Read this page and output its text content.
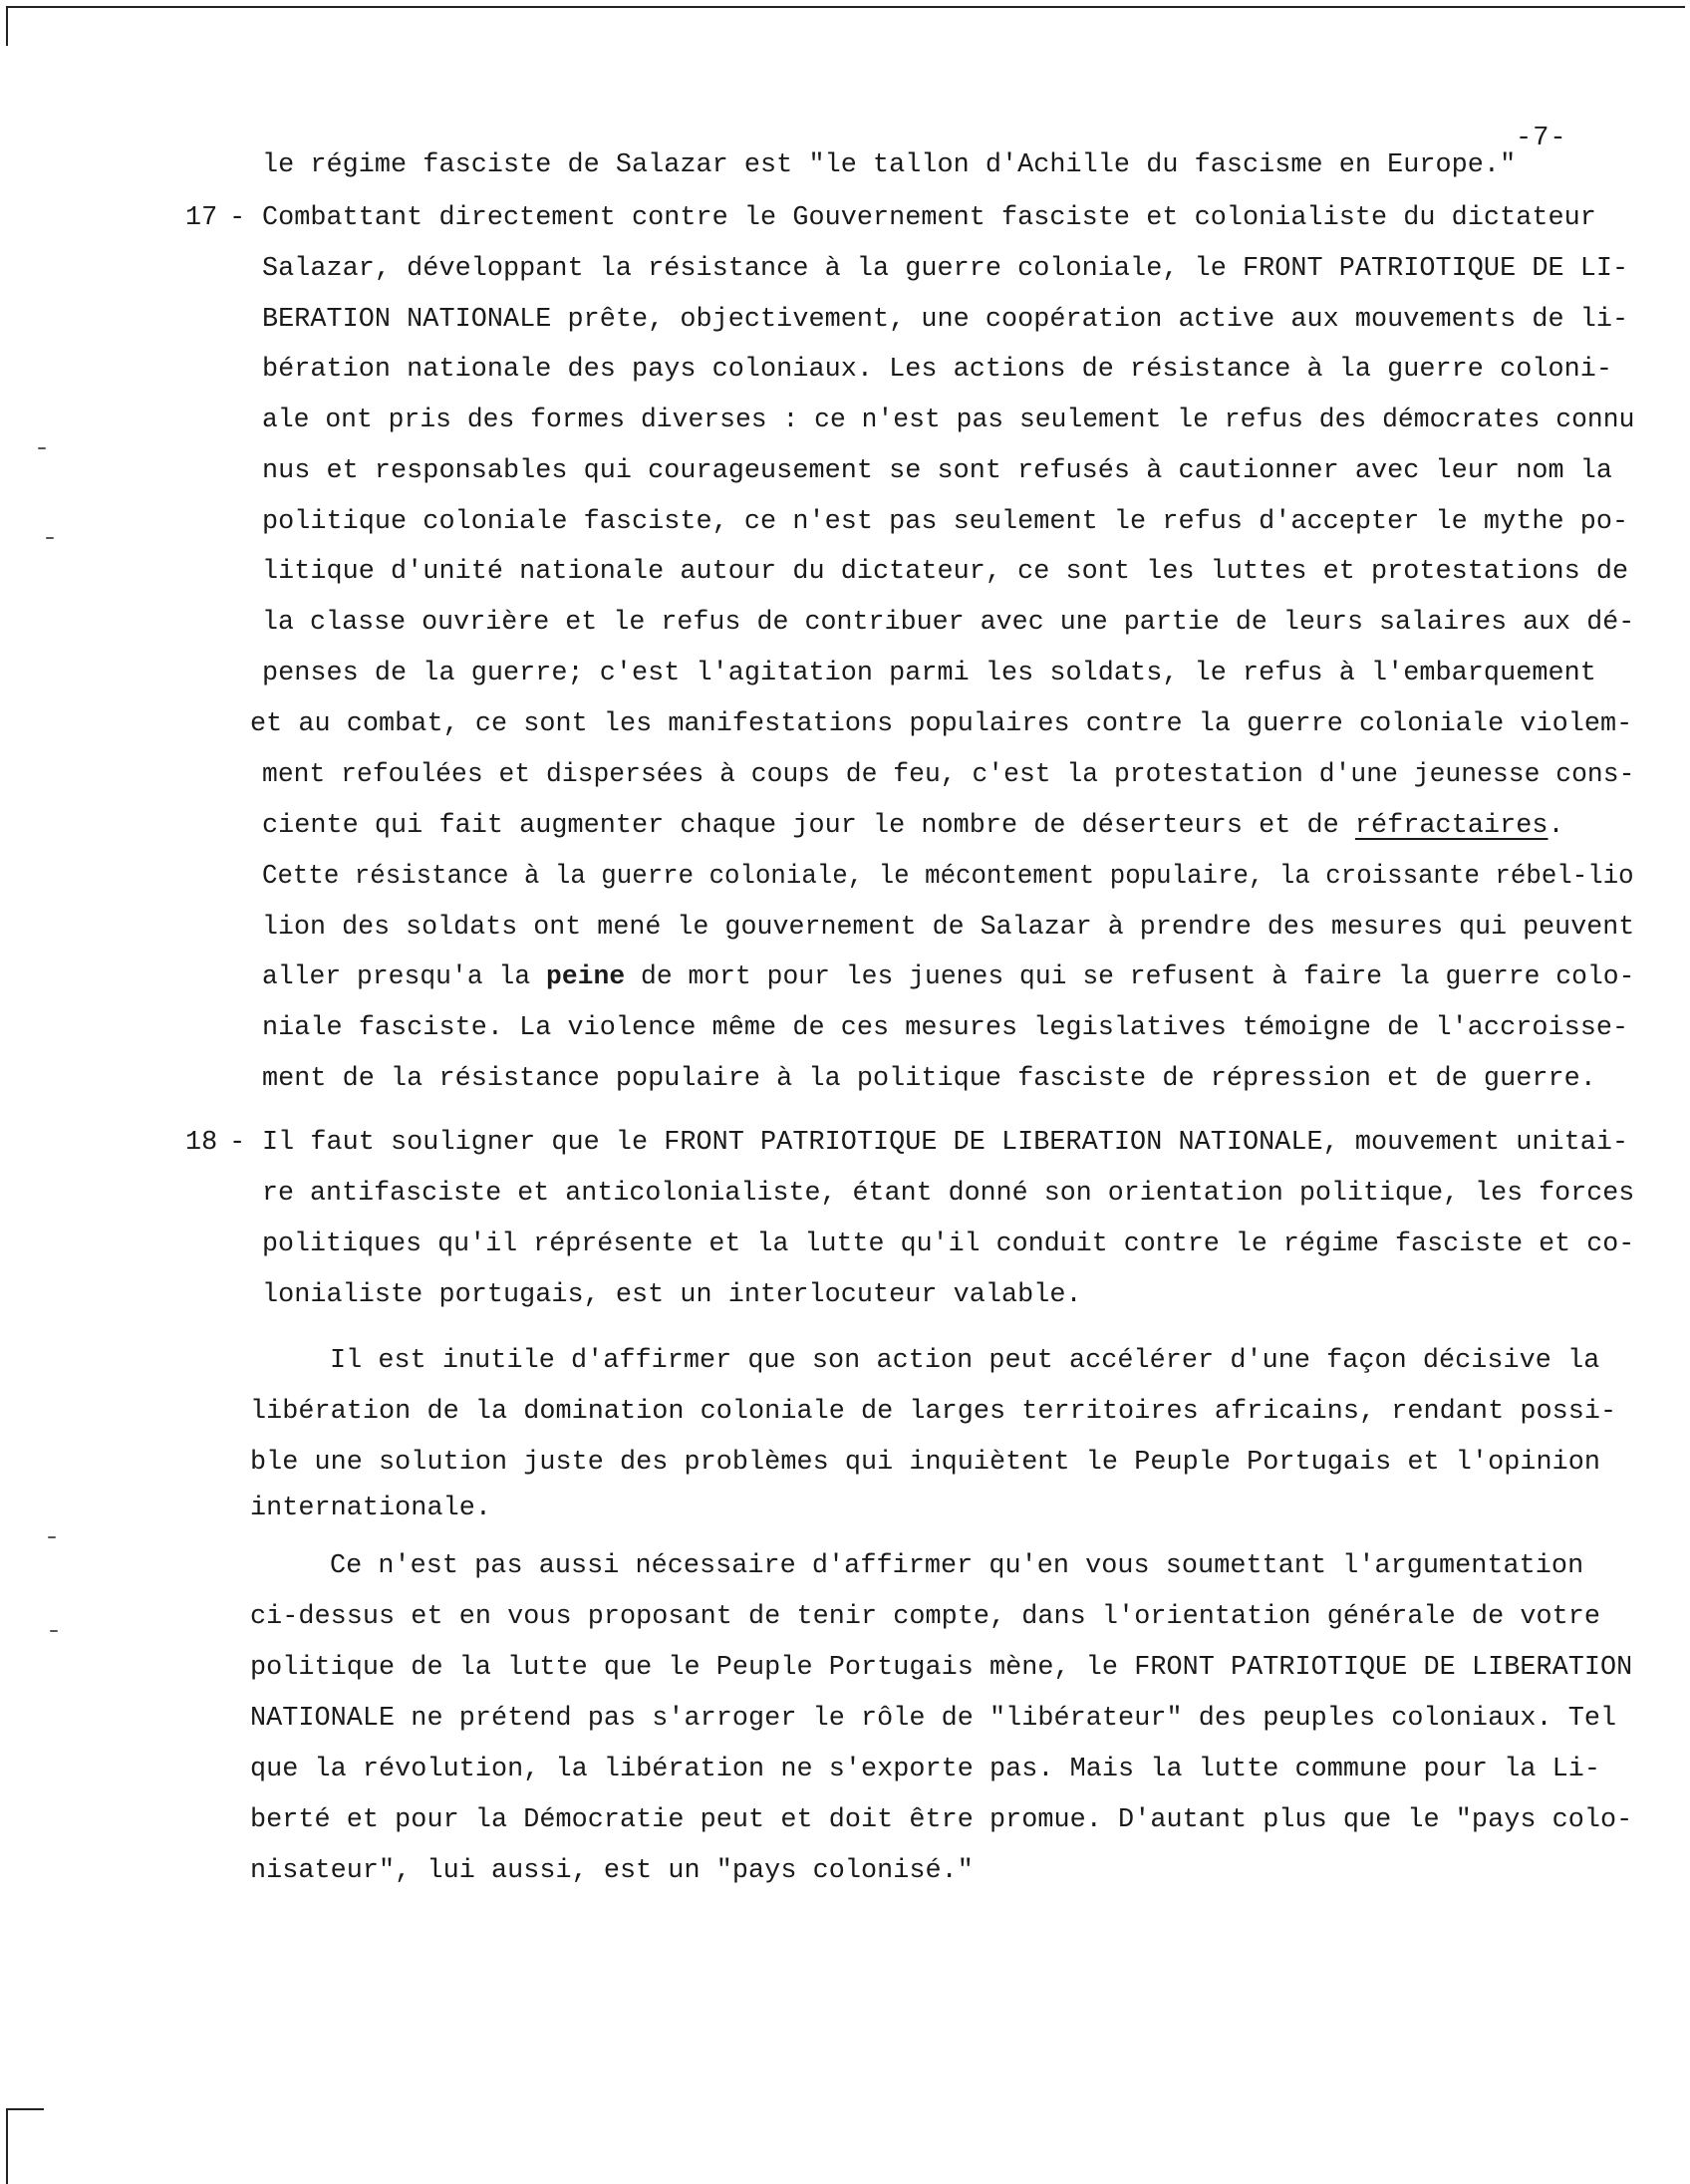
-7-
le régime fasciste de Salazar est "le tallon d'Achille du fascisme en Europe."
17 - Combattant directement contre le Gouvernement fasciste et colonialiste du dictateur
Salazar, développant la résistance à la guerre coloniale, le FRONT PATRIOTIQUE DE LI-
BERATION NATIONALE prête, objectivement, une coopération active aux mouvements de li-
bération nationale des pays coloniaux. Les actions de résistance à la guerre coloni-
ale ont pris des formes diverses : ce n'est pas seulement le refus des démocrates connu
nus et responsables qui courageusement se sont refusés à cautionner avec leur nom la
politique coloniale fasciste, ce n'est pas seulement le refus d'accepter le mythe po-
litique d'unité nationale autour du dictateur, ce sont les luttes et protestations de
la classe ouvrière et le refus de contribuer avec une partie de leurs salaires aux dé-
penses de la guerre; c'est l'agitation parmi les soldats, le refus à l'embarquement
et au combat, ce sont les manifestations populaires contre la guerre coloniale violem-
ment refoulées et dispersées à coups de feu, c'est la protestation d'une jeunesse cons-
ciente qui fait augmenter chaque jour le nombre de déserteurs et de réfractaires.
Cette résistance à la guerre coloniale, le mécontement populaire, la croissante rébel-lio
lion des soldats ont mené le gouvernement de Salazar à prendre des mesures qui peuvent
aller presqu'a la peine de mort pour les juenes qui se refusent à faire la guerre colo-
niale fasciste. La violence même de ces mesures legislatives témoigne de l'accroisse-
ment de la résistance populaire à la politique fasciste de répression et de guerre.
18 - Il faut souligner que le FRONT PATRIOTIQUE DE LIBERATION NATIONALE, mouvement unitai-
re antifasciste et anticolonialiste, étant donné son orientation politique, les forces
politiques qu'il réprésente et la lutte qu'il conduit contre le régime fasciste et co-
lonialiste portugais, est un interlocuteur valable.
Il est inutile d'affirmer que son action peut accélérer d'une façon décisive la
libération de la domination coloniale de larges territoires africains, rendant possi-
ble une solution juste des problèmes qui inquiètent le Peuple Portugais et l'opinion
internationale.
Ce n'est pas aussi nécessaire d'affirmer qu'en vous soumettant l'argumentation
ci-dessus et en vous proposant de tenir compte, dans l'orientation générale de votre
politique de la lutte que le Peuple Portugais mène, le FRONT PATRIOTIQUE DE LIBERATION
NATIONALE ne prétend pas s'arroger le rôle de "libérateur" des peuples coloniaux. Tel
que la révolution, la libération ne s'exporte pas. Mais la lutte commune pour la Li-
berté et pour la Démocratie peut et doit être promue. D'autant plus que le "pays colo-
nisateur", lui aussi, est un "pays colonisé."
